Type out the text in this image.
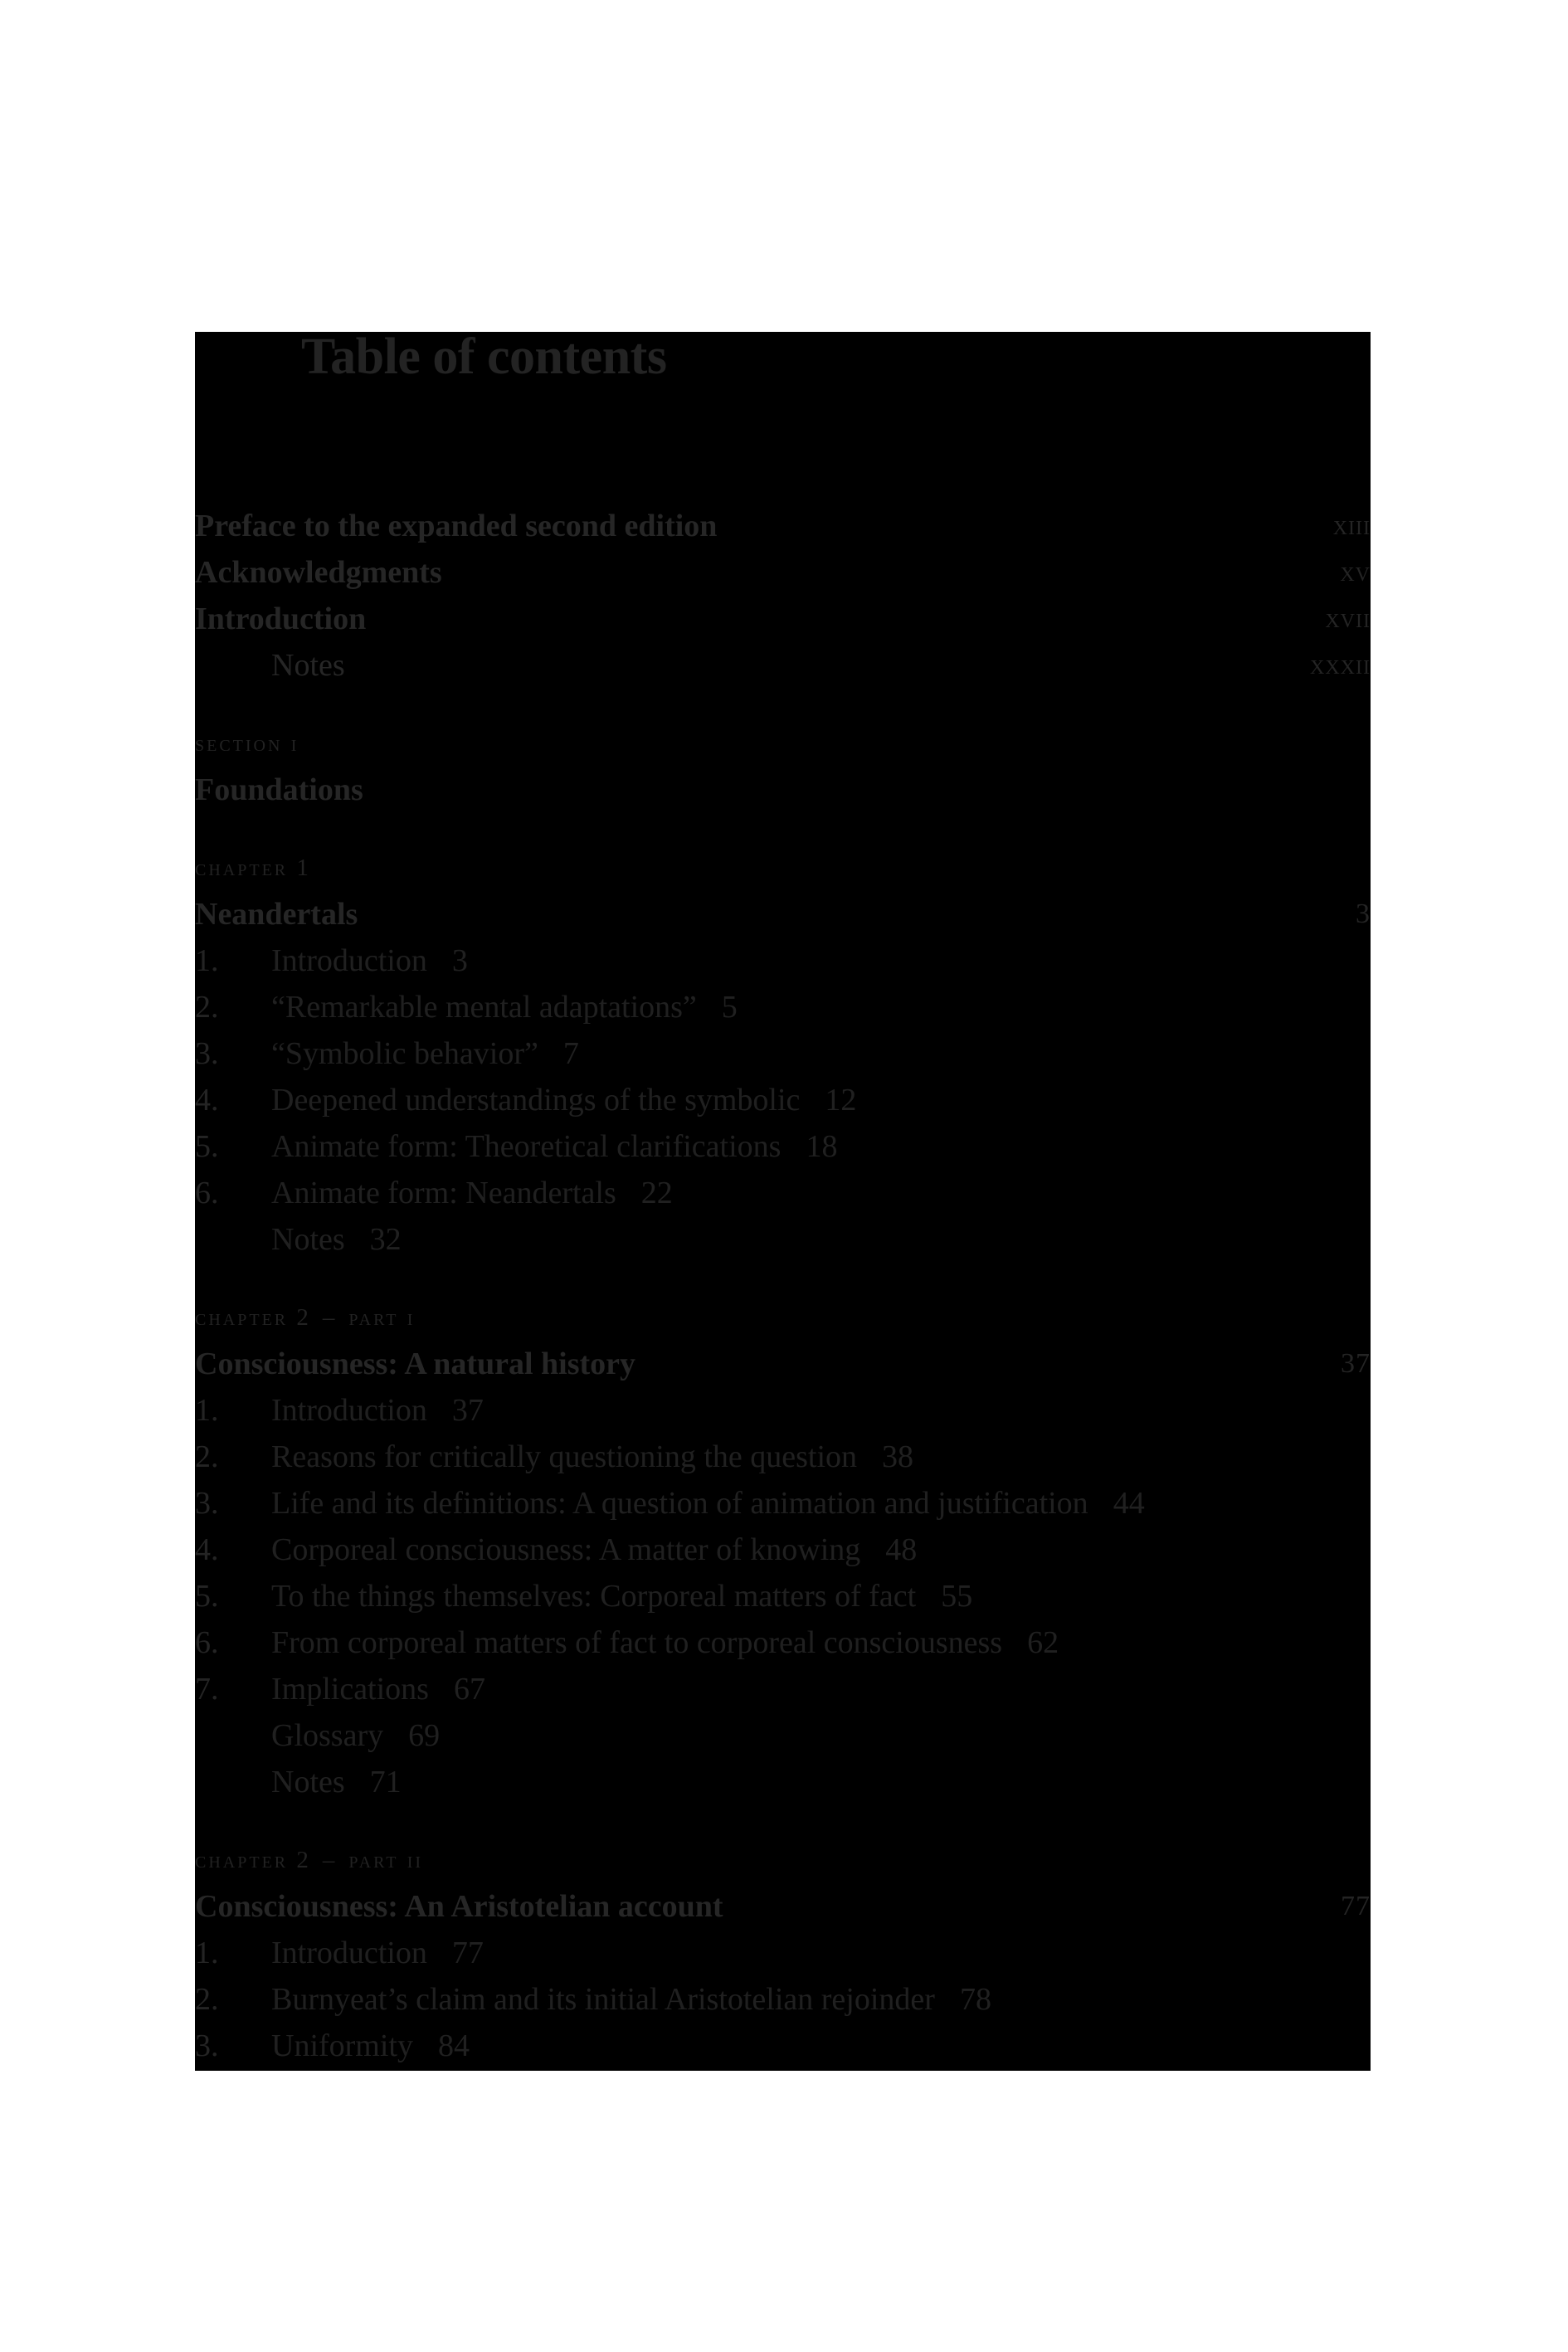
Table of contents
Preface to the expanded second edition	xiii
Acknowledgments	xv
Introduction	xvii
Notes	xxxii
section i
Foundations
chapter 1
Neandertals	3
1. Introduction 3
2. “Remarkable mental adaptations” 5
3. “Symbolic behavior” 7
4. Deepened understandings of the symbolic 12
5. Animate form: Theoretical clarifications 18
6. Animate form: Neandertals 22
Notes 32
chapter 2 – part i
Consciousness: A natural history	37
1. Introduction 37
2. Reasons for critically questioning the question 38
3. Life and its definitions: A question of animation and justification 44
4. Corporeal consciousness: A matter of knowing 48
5. To the things themselves: Corporeal matters of fact 55
6. From corporeal matters of fact to corporeal consciousness 62
7. Implications 67
Glossary 69
Notes 71
chapter 2 – part ii
Consciousness: An Aristotelian account	77
1. Introduction 77
2. Burnyeat’s claim and its initial Aristotelian rejoinder 78
3. Uniformity 84
